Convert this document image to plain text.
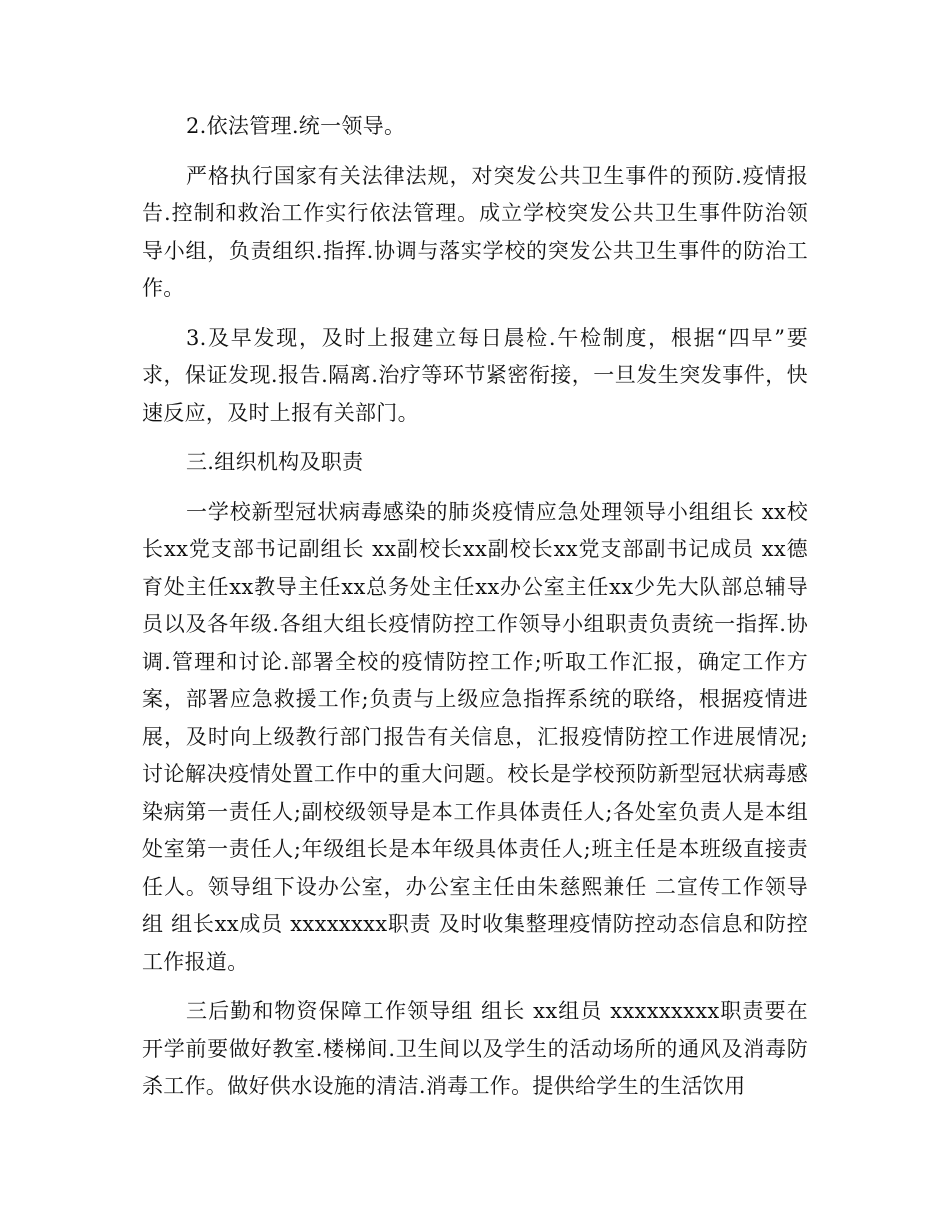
2.依法管理.统一领导。

严格执行国家有关法律法规，对突发公共卫生事件的预防.疫情报告.控制和救治工作实行依法管理。成立学校突发公共卫生事件防治领导小组，负责组织.指挥.协调与落实学校的突发公共卫生事件的防治工作。

3.及早发现，及时上报建立每日晨检.午检制度，根据“四早”要求，保证发现.报告.隔离.治疗等环节紧密衔接，一旦发生突发事件，快速反应，及时上报有关部门。

三.组织机构及职责

一学校新型冠状病毒感染的肺炎疫情应急处理领导小组组长 xx校长xx党支部书记副组长 xx副校长xx副校长xx党支部副书记成员 xx德育处主任xx教导主任xx总务处主任xx办公室主任xx少先大队部总辅导员以及各年级.各组大组长疫情防控工作领导小组职责负责统一指挥.协调.管理和讨论.部署全校的疫情防控工作;听取工作汇报，确定工作方案，部署应急救援工作;负责与上级应急指挥系统的联络，根据疫情进展，及时向上级教行部门报告有关信息，汇报疫情防控工作进展情况;讨论解决疫情处置工作中的重大问题。校长是学校预防新型冠状病毒感染病第一责任人;副校级领导是本工作具体责任人;各处室负责人是本组处室第一责任人;年级组长是本年级具体责任人;班主任是本班级直接责任人。领导组下设办公室，办公室主任由朱慈熙兼任 二宣传工作领导组 组长xx成员 xxxxxxxx职责 及时收集整理疫情防控动态信息和防控工作报道。

三后勤和物资保障工作领导组 组长 xx组员 xxxxxxxxx职责要在开学前要做好教室.楼梯间.卫生间以及学生的活动场所的通风及消毒防杀工作。做好供水设施的清洁.消毒工作。提供给学生的生活饮用
